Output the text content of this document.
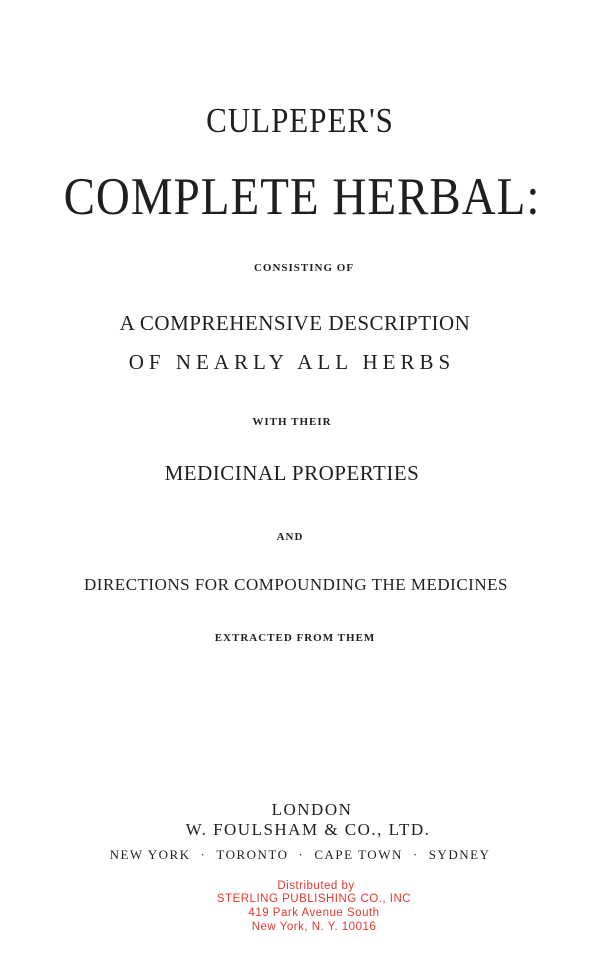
CULPEPER'S
COMPLETE HERBAL:
CONSISTING OF
A COMPREHENSIVE DESCRIPTION
OF NEARLY ALL HERBS
WITH THEIR
MEDICINAL PROPERTIES
AND
DIRECTIONS FOR COMPOUNDING THE MEDICINES
EXTRACTED FROM THEM
LONDON
W. FOULSHAM & CO., LTD.
NEW YORK · TORONTO · CAPE TOWN · SYDNEY
Distributed by
STERLING PUBLISHING CO., INC
419 Park Avenue South
New York, N. Y. 10016
